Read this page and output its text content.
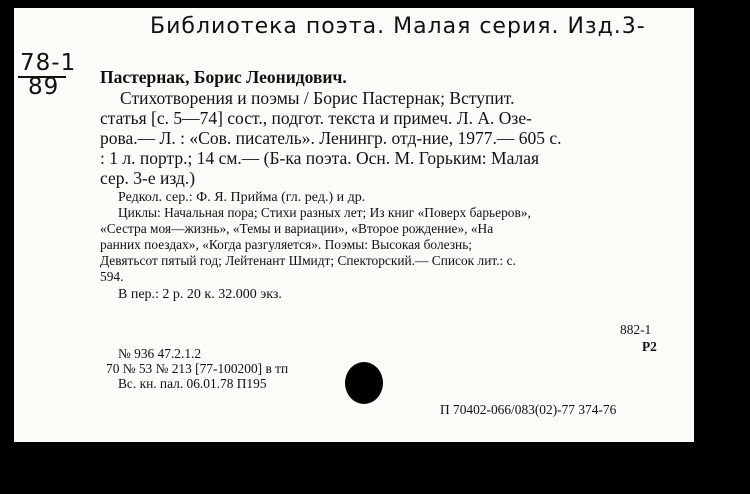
Библиотека поэта. Малая серия. Изд.3-
78-1
89 Пастернак, Борис Леонидович.
Стихотворения и поэмы / Борис Пастернак; Вступит.
статья [с. 5—74] сост., подгот. текста и примеч. Л. А. Озе-
рова.— Л. : «Сов. писатель». Ленингр. отд-ние, 1977.— 605 с.
: 1 л. портр.; 14 см.— (Б-ка поэта. Осн. М. Горьким: Малая
сер. 3-е изд.)
Редкол. сер.: Ф. Я. Прийма (гл. ред.) и др.
Циклы: Начальная пора; Стихи разных лет; Из книг «Поверх барьеров»,
«Сестра моя—жизнь», «Темы и вариации», «Второе рождение», «На
ранних поездах», «Когда разгуляется». Поэмы: Высокая болезнь;
Девятьсот пятый год; Лейтенант Шмидт; Спекторский.— Список лит.: с.
594.
В пер.: 2 р. 20 к. 32.000 экз.
882-1
Р2
№ 936 47.2.1.2
70 № 53 № 213 [77-100200] в тп
Вс. кн. пал. 06.01.78 П195
П 70402-066/083(02)-77 374-76
